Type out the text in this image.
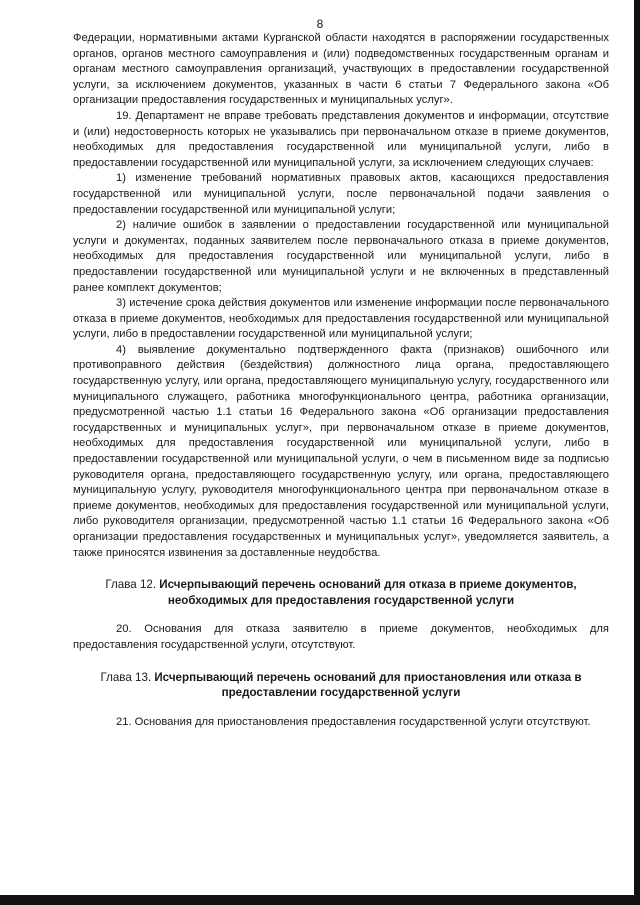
8

Федерации, нормативными актами Курганской области находятся в распоряжении государственных органов, органов местного самоуправления и (или) подведомственных государственным органам и органам местного самоуправления организаций, участвующих в предоставлении государственной услуги, за исключением документов, указанных в части 6 статьи 7 Федерального закона «Об организации предоставления государственных и муниципальных услуг».

19. Департамент не вправе требовать представления документов и информации, отсутствие и (или) недостоверность которых не указывались при первоначальном отказе в приеме документов, необходимых для предоставления государственной или муниципальной услуги, либо в предоставлении государственной или муниципальной услуги, за исключением следующих случаев:

1) изменение требований нормативных правовых актов, касающихся предоставления государственной или муниципальной услуги, после первоначальной подачи заявления о предоставлении государственной или муниципальной услуги;

2) наличие ошибок в заявлении о предоставлении государственной или муниципальной услуги и документах, поданных заявителем после первоначального отказа в приеме документов, необходимых для предоставления государственной или муниципальной услуги, либо в предоставлении государственной или муниципальной услуги и не включенных в представленный ранее комплект документов;

3) истечение срока действия документов или изменение информации после первоначального отказа в приеме документов, необходимых для предоставления государственной или муниципальной услуги, либо в предоставлении государственной или муниципальной услуги;

4) выявление документально подтвержденного факта (признаков) ошибочного или противоправного действия (бездействия) должностного лица органа, предоставляющего государственную услугу, или органа, предоставляющего муниципальную услугу, государственного или муниципального служащего, работника многофункционального центра, работника организации, предусмотренной частью 1.1 статьи 16 Федерального закона «Об организации предоставления государственных и муниципальных услуг», при первоначальном отказе в приеме документов, необходимых для предоставления государственной или муниципальной услуги, либо в предоставлении государственной или муниципальной услуги, о чем в письменном виде за подписью руководителя органа, предоставляющего государственную услугу, или органа, предоставляющего муниципальную услугу, руководителя многофункционального центра при первоначальном отказе в приеме документов, необходимых для предоставления государственной или муниципальной услуги, либо руководителя организации, предусмотренной частью 1.1 статьи 16 Федерального закона «Об организации предоставления государственных и муниципальных услуг», уведомляется заявитель, а также приносятся извинения за доставленные неудобства.

Глава 12. Исчерпывающий перечень оснований для отказа в приеме документов, необходимых для предоставления государственной услуги

20. Основания для отказа заявителю в приеме документов, необходимых для предоставления государственной услуги, отсутствуют.

Глава 13. Исчерпывающий перечень оснований для приостановления или отказа в предоставлении государственной услуги

21. Основания для приостановления предоставления государственной услуги отсутствуют.
